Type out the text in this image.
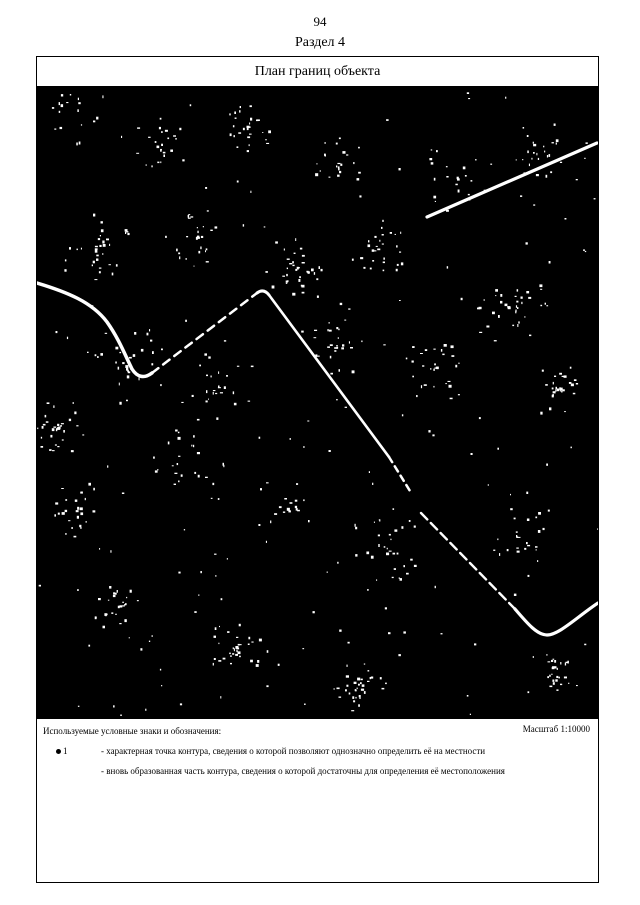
94
Раздел 4
План границ объекта
Используемые условные знаки и обозначения:	Масштаб 1:10000
1	- характерная точка контура, сведения о которой позволяют однозначно определить её на местности
- вновь образованная часть контура, сведения о которой достаточны для определения её местоположения
